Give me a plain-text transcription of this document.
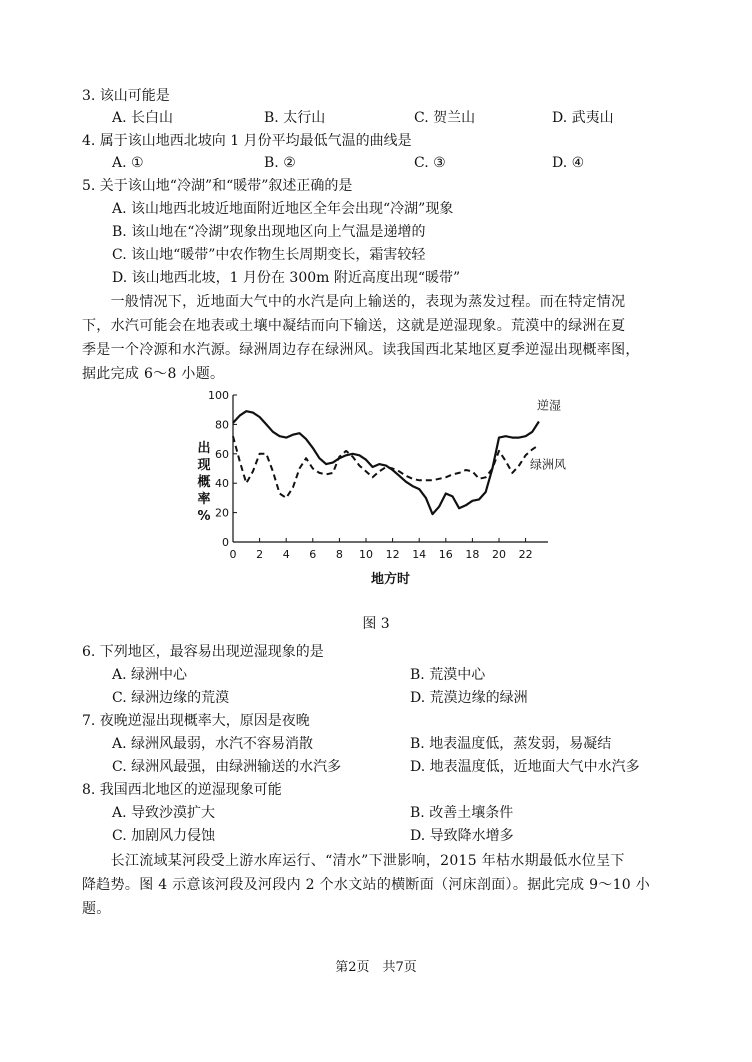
3. 该山可能是
A. 长白山	B. 太行山	C. 贺兰山	D. 武夷山
4. 属于该山地西北坡向 1 月份平均最低气温的曲线是
A. ①	B. ②	C. ③	D. ④
5. 关于该山地“冷湖”和“暖带”叙述正确的是
A. 该山地西北坡近地面附近地区全年会出现“冷湖”现象
B. 该山地在“冷湖”现象出现地区向上气温是递增的
C. 该山地“暖带”中农作物生长周期变长，霜害较轻
D. 该山地西北坡，1 月份在 300m 附近高度出现“暖带”
　　一般情况下，近地面大气中的水汽是向上输送的，表现为蒸发过程。而在特定情况
下，水汽可能会在地表或土壤中凝结而向下输送，这就是逆湿现象。荒漠中的绿洲在夏
季是一个冷源和水汽源。绿洲周边存在绿洲风。读我国西北某地区夏季逆湿出现概率图，
据此完成 6～8 小题。
出
现
概
率
%
0
20
40
60
80
100
0 2 4 6 8 10 12 14 16 18 20 22
地方时
逆湿
绿洲风
图 3
6. 下列地区，最容易出现逆湿现象的是
A. 绿洲中心	B. 荒漠中心
C. 绿洲边缘的荒漠	D. 荒漠边缘的绿洲
7. 夜晚逆湿出现概率大，原因是夜晚
A. 绿洲风最弱，水汽不容易消散	B. 地表温度低，蒸发弱，易凝结
C. 绿洲风最强，由绿洲输送的水汽多	D. 地表温度低，近地面大气中水汽多
8. 我国西北地区的逆湿现象可能
A. 导致沙漠扩大	B. 改善土壤条件
C. 加剧风力侵蚀	D. 导致降水增多
　　长江流域某河段受上游水库运行、“清水”下泄影响，2015 年枯水期最低水位呈下
降趋势。图 4 示意该河段及河段内 2 个水文站的横断面（河床剖面）。据此完成 9～10 小
题。
第2页　共7页
